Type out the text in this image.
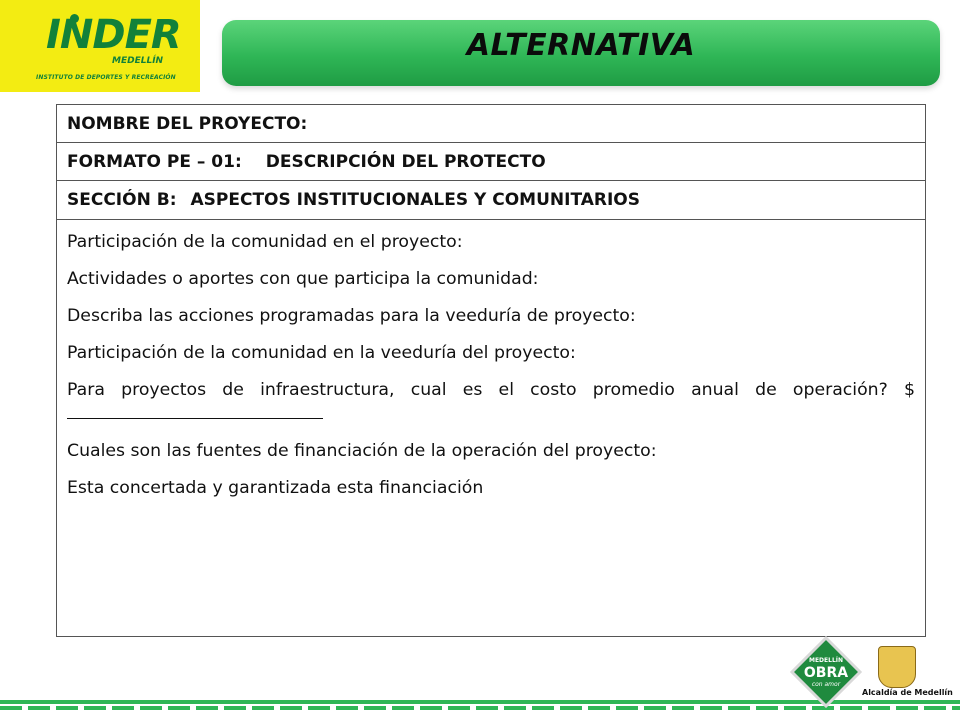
INDER
MEDELLÍN
INSTITUTO DE DEPORTES Y RECREACIÓN
ALTERNATIVA
NOMBRE DEL PROYECTO:
FORMATO PE – 01: DESCRIPCIÓN DEL PROTECTO
SECCIÓN B: ASPECTOS INSTITUCIONALES Y COMUNITARIOS

Participación de la comunidad en el proyecto:

Actividades o aportes con que participa la comunidad:

Describa las acciones programadas para la veeduría de proyecto:

Participación de la comunidad en la veeduría del proyecto:

Para proyectos de infraestructura, cual es el costo promedio anual de operación? $

Cuales son las fuentes de financiación de la operación del proyecto:

Esta concertada y garantizada esta financiación

MEDELLÍN
OBRA
con amor
Alcaldía de Medellín
